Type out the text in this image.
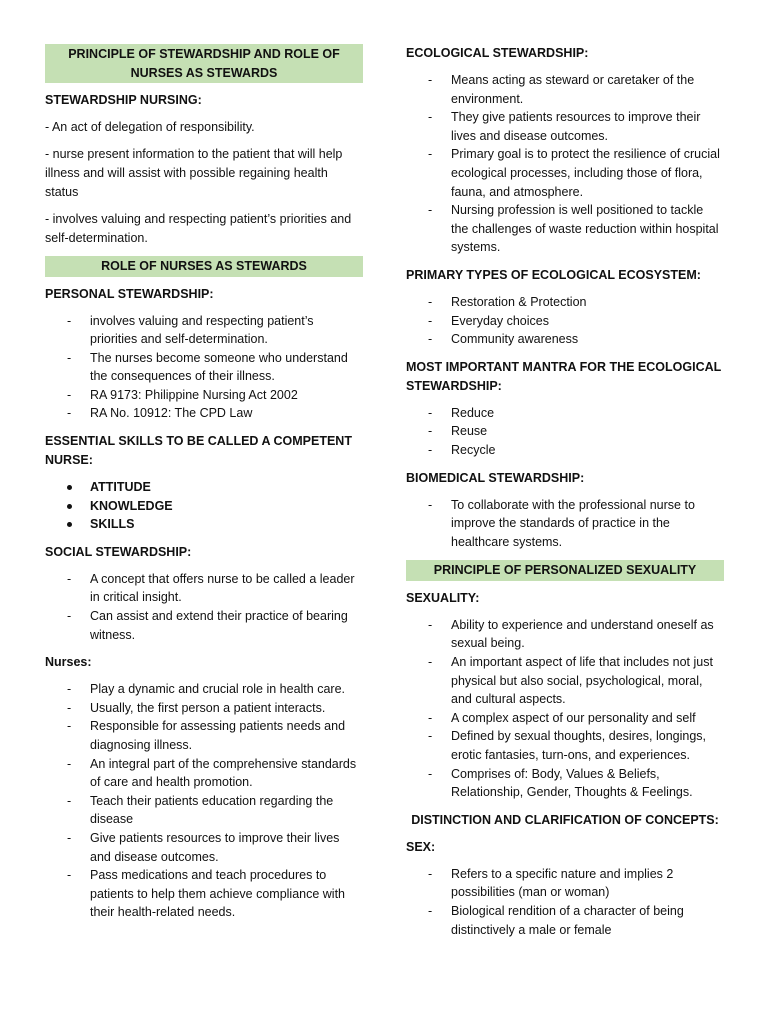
PRINCIPLE OF STEWARDSHIP AND ROLE OF NURSES AS STEWARDS
STEWARDSHIP NURSING:
- An act of delegation of responsibility.
- nurse present information to the patient that will help illness and will assist with possible regaining health status
- involves valuing and respecting patient’s priorities and self-determination.
ROLE OF NURSES AS STEWARDS
PERSONAL STEWARDSHIP:
- involves valuing and respecting patient’s priorities and self-determination.
- The nurses become someone who understand the consequences of their illness.
- RA 9173: Philippine Nursing Act 2002
- RA No. 10912: The CPD Law
ESSENTIAL SKILLS TO BE CALLED A COMPETENT NURSE:
ATTITUDE
KNOWLEDGE
SKILLS
SOCIAL STEWARDSHIP:
- A concept that offers nurse to be called a leader in critical insight.
- Can assist and extend their practice of bearing witness.
Nurses:
- Play a dynamic and crucial role in health care.
- Usually, the first person a patient interacts.
- Responsible for assessing patients needs and diagnosing illness.
- An integral part of the comprehensive standards of care and health promotion.
- Teach their patients education regarding the disease
- Give patients resources to improve their lives and disease outcomes.
- Pass medications and teach procedures to patients to help them achieve compliance with their health-related needs.
ECOLOGICAL STEWARDSHIP:
- Means acting as steward or caretaker of the environment.
- They give patients resources to improve their lives and disease outcomes.
- Primary goal is to protect the resilience of crucial ecological processes, including those of flora, fauna, and atmosphere.
- Nursing profession is well positioned to tackle the challenges of waste reduction within hospital systems.
PRIMARY TYPES OF ECOLOGICAL ECOSYSTEM:
- Restoration & Protection
- Everyday choices
- Community awareness
MOST IMPORTANT MANTRA FOR THE ECOLOGICAL STEWARDSHIP:
- Reduce
- Reuse
- Recycle
BIOMEDICAL STEWARDSHIP:
- To collaborate with the professional nurse to improve the standards of practice in the healthcare systems.
PRINCIPLE OF PERSONALIZED SEXUALITY
SEXUALITY:
- Ability to experience and understand oneself as sexual being.
- An important aspect of life that includes not just physical but also social, psychological, moral, and cultural aspects.
- A complex aspect of our personality and self
- Defined by sexual thoughts, desires, longings, erotic fantasies, turn-ons, and experiences.
- Comprises of: Body, Values & Beliefs, Relationship, Gender, Thoughts & Feelings.
DISTINCTION AND CLARIFICATION OF CONCEPTS:
SEX:
- Refers to a specific nature and implies 2 possibilities (man or woman)
- Biological rendition of a character of being distinctively a male or female
